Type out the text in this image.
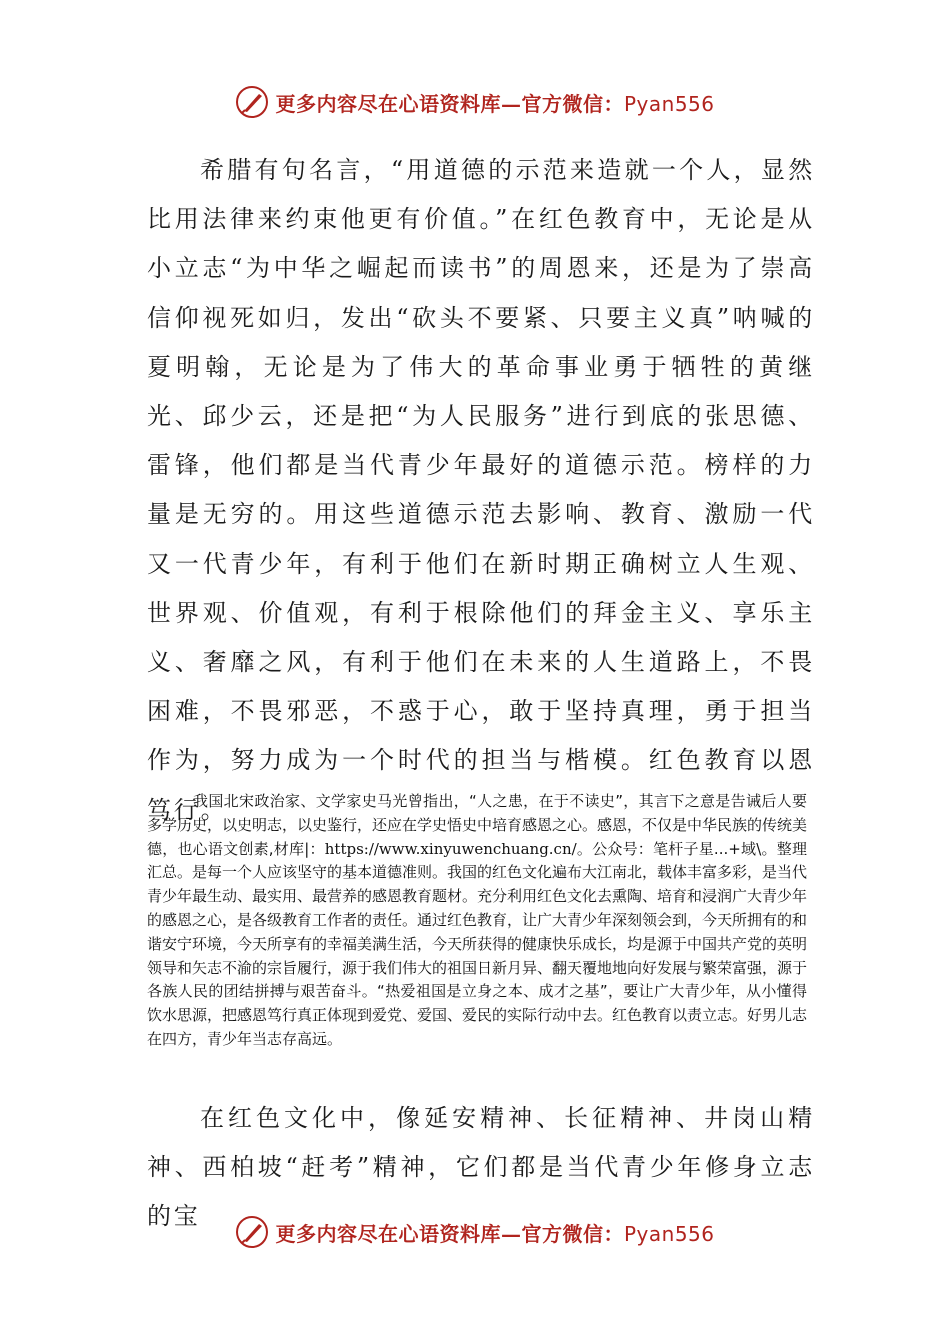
更多内容尽在心语资料库—官方微信：Pyan556

希腊有句名言，“用道德的示范来造就一个人，显然比用法律来约束他更有价值。”在红色教育中，无论是从小立志“为中华之崛起而读书”的周恩来，还是为了崇高信仰视死如归，发出“砍头不要紧、只要主义真”呐喊的夏明翰，无论是为了伟大的革命事业勇于牺牲的黄继光、邱少云，还是把“为人民服务”进行到底的张思德、雷锋，他们都是当代青少年最好的道德示范。榜样的力量是无穷的。用这些道德示范去影响、教育、激励一代又一代青少年，有利于他们在新时期正确树立人生观、世界观、价值观，有利于根除他们的拜金主义、享乐主义、奢靡之风，有利于他们在未来的人生道路上，不畏困难，不畏邪恶，不惑于心，敢于坚持真理，勇于担当作为，努力成为一个时代的担当与楷模。红色教育以恩笃行。

我国北宋政治家、文学家史马光曾指出，“人之患，在于不读史”，其言下之意是告诫后人要多学历史，以史明志，以史鉴行，还应在学史悟史中培育感恩之心。感恩，不仅是中华民族的传统美德，也心语文创素,材库|：https://www.xinyuwenchuang.cn/。公众号：笔杆子星...+域\。整理汇总。是每一个人应该坚守的基本道德准则。我国的红色文化遍布大江南北，载体丰富多彩，是当代青少年最生动、最实用、最营养的感恩教育题材。充分利用红色文化去熏陶、培育和浸润广大青少年的感恩之心，是各级教育工作者的责任。通过红色教育，让广大青少年深刻领会到，今天所拥有的和谐安宁环境，今天所享有的幸福美满生活，今天所获得的健康快乐成长，均是源于中国共产党的英明领导和矢志不渝的宗旨履行，源于我们伟大的祖国日新月异、翻天覆地地向好发展与繁荣富强，源于各族人民的团结拼搏与艰苦奋斗。“热爱祖国是立身之本、成才之基”，要让广大青少年，从小懂得饮水思源，把感恩笃行真正体现到爱党、爱国、爱民的实际行动中去。红色教育以责立志。好男儿志在四方，青少年当志存高远。

在红色文化中，像延安精神、长征精神、井岗山精神、西柏坡“赶考”精神，它们都是当代青少年修身立志的宝

更多内容尽在心语资料库—官方微信：Pyan556
